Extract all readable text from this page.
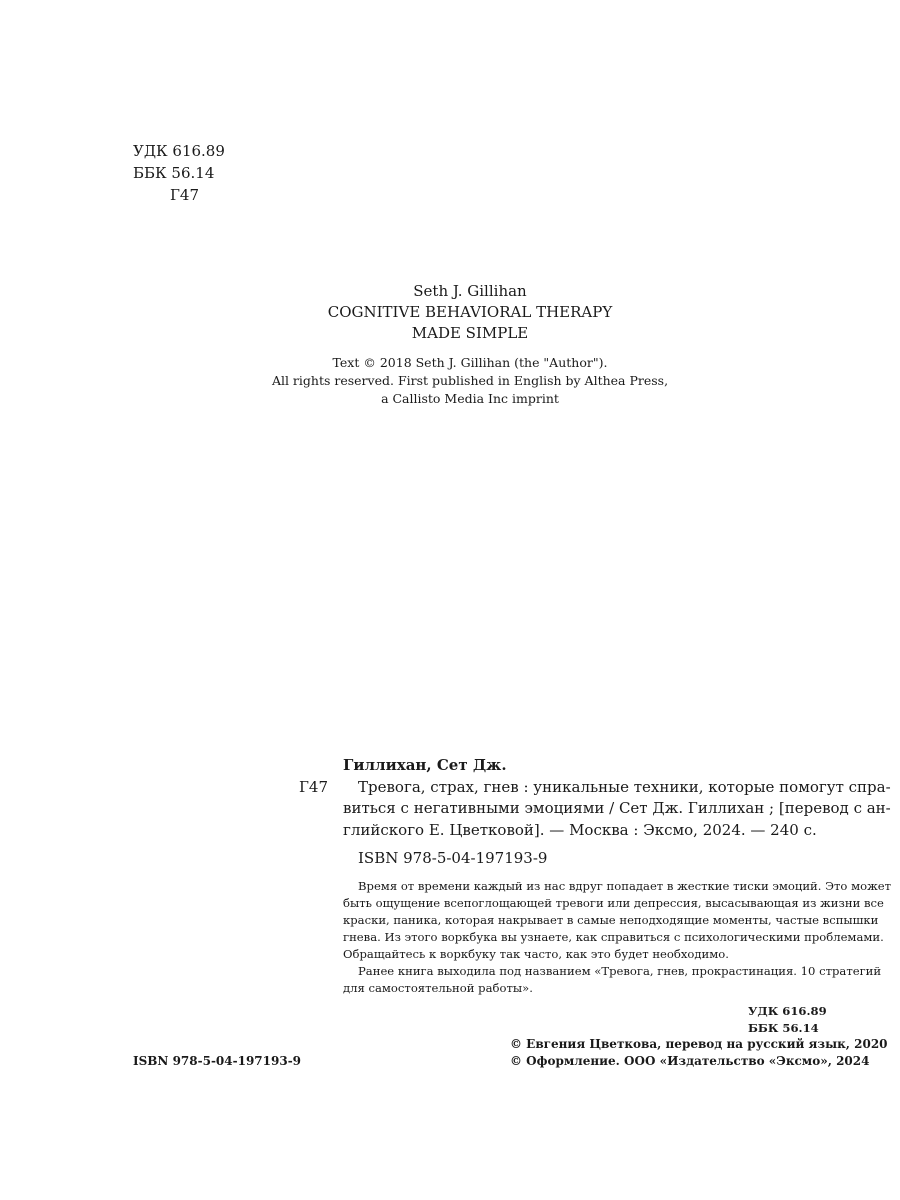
УДК 616.89
ББК 56.14
Г47
Seth J. Gillihan
COGNITIVE BEHAVIORAL THERAPY
MADE SIMPLE
Text © 2018 Seth J. Gillihan (the "Author").
All rights reserved. First published in English by Althea Press,
a Callisto Media Inc imprint
Гиллихан, Сет Дж.
Г47	Тревога, страх, гнев : уникальные техники, которые помогут спра-
виться с негативными эмоциями / Сет Дж. Гиллихан ; [перевод с ан-
глийского Е. Цветковой]. — Москва : Эксмо, 2024. — 240 с.
ISBN 978-5-04-197193-9
Время от времени каждый из нас вдруг попадает в жесткие тиски эмоций. Это может
быть ощущение всепоглощающей тревоги или депрессия, высасывающая из жизни все
краски, паника, которая накрывает в самые неподходящие моменты, частые вспышки
гнева. Из этого воркбука вы узнаете, как справиться с психологическими проблемами.
Обращайтесь к воркбуку так часто, как это будет необходимо.
Ранее книга выходила под названием «Тревога, гнев, прокрастинация. 10 стратегий
для самостоятельной работы».
УДК 616.89
ББК 56.14
ISBN 978-5-04-197193-9
© Евгения Цветкова, перевод на русский язык, 2020
© Оформление. ООО «Издательство «Эксмо», 2024
